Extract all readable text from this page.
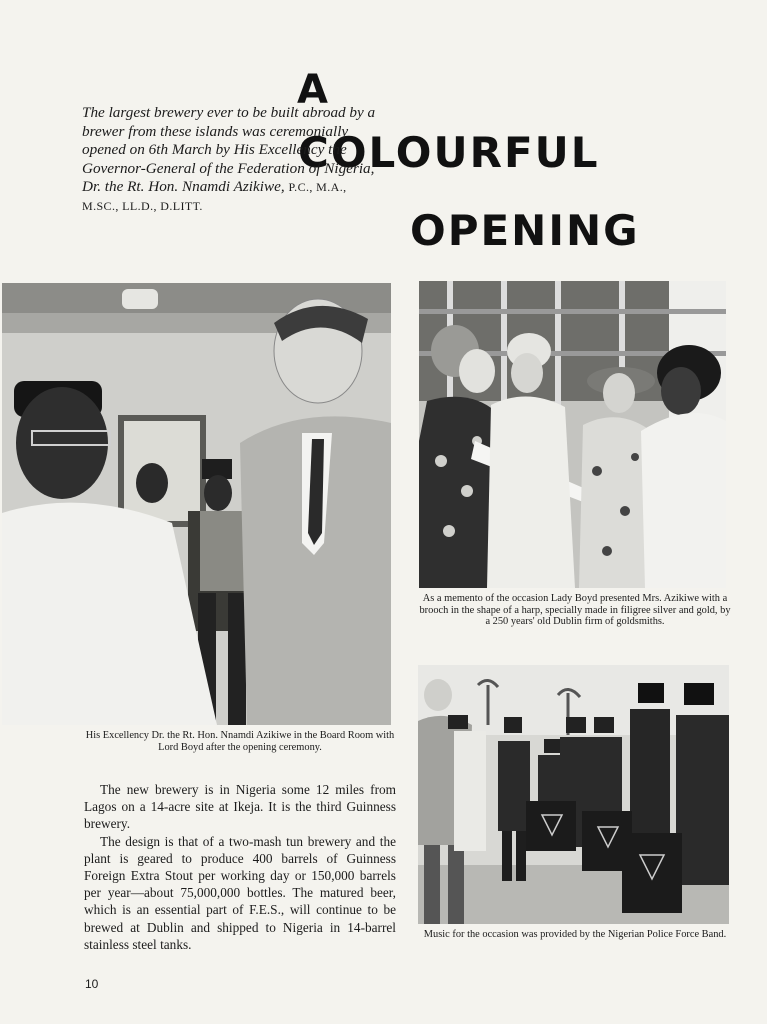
A
COLOURFUL
OPENING
The largest brewery ever to be built abroad by a brewer from these islands was ceremonially opened on 6th March by His Excellency the Governor-General of the Federation of Nigeria, Dr. the Rt. Hon. Nnamdi Azikiwe, P.C., M.A., M.SC., LL.D., D.LITT.
His Excellency Dr. the Rt. Hon. Nnamdi Azikiwe in the Board Room with Lord Boyd after the opening ceremony.
As a memento of the occasion Lady Boyd presented Mrs. Azikiwe with a brooch in the shape of a harp, specially made in filigree silver and gold, by a 250 years' old Dublin firm of goldsmiths.
Music for the occasion was provided by the Nigerian Police Force Band.

The new brewery is in Nigeria some 12 miles from Lagos on a 14-acre site at Ikeja. It is the third Guinness brewery.

The design is that of a two-mash tun brewery and the plant is geared to produce 400 barrels of Guinness Foreign Extra Stout per working day or 150,000 barrels per year—about 75,000,000 bottles. The matured beer, which is an essential part of F.E.S., will continue to be brewed at Dublin and shipped to Nigeria in 14-barrel stainless steel tanks.

10
